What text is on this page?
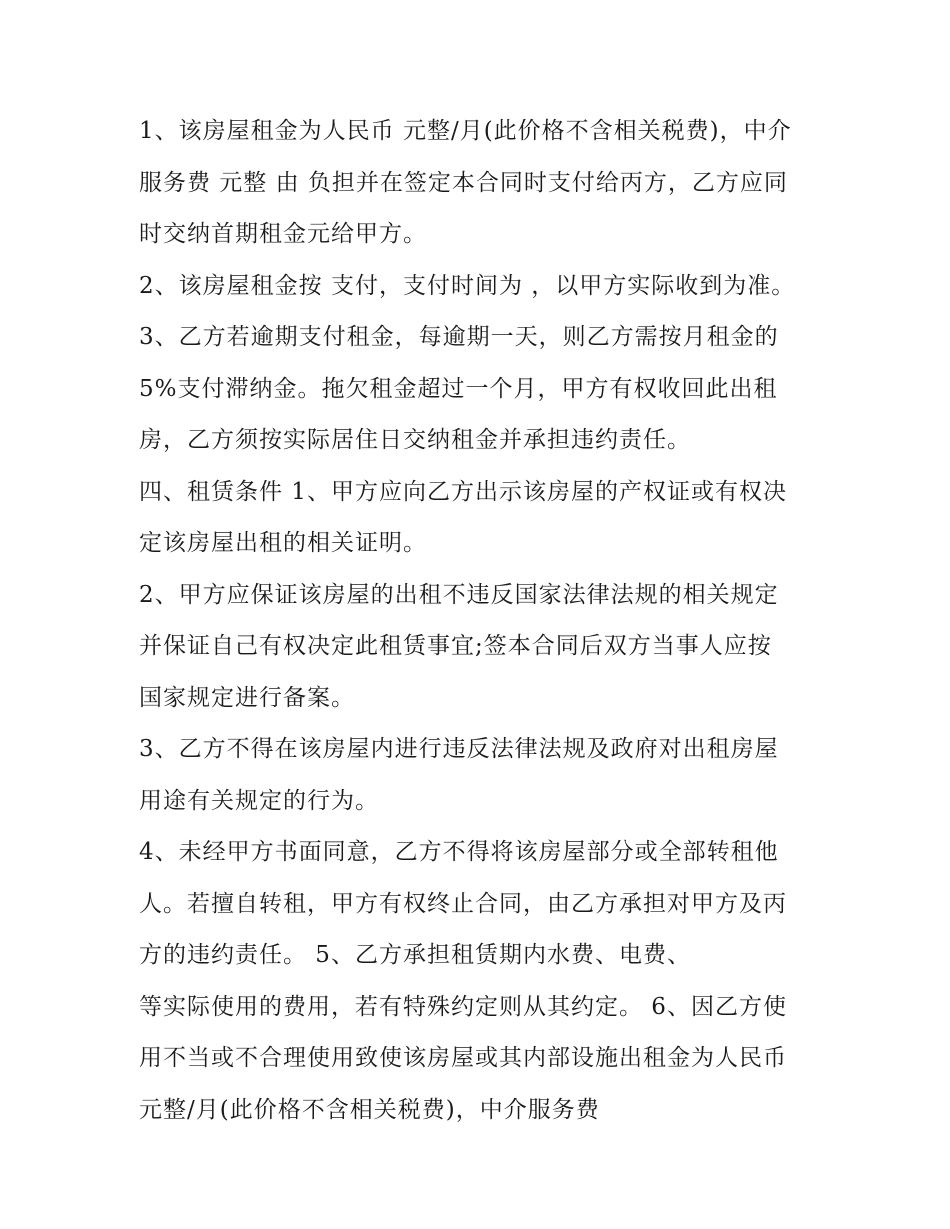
1、该房屋租金为人民币 元整/月(此价格不含相关税费)，中介
服务费 元整 由 负担并在签定本合同时支付给丙方，乙方应同
时交纳首期租金元给甲方。
2、该房屋租金按 支付，支付时间为 ，以甲方实际收到为准。
3、乙方若逾期支付租金，每逾期一天，则乙方需按月租金的
5%支付滞纳金。拖欠租金超过一个月，甲方有权收回此出租
房，乙方须按实际居住日交纳租金并承担违约责任。
四、租赁条件 1、甲方应向乙方出示该房屋的产权证或有权决
定该房屋出租的相关证明。
2、甲方应保证该房屋的出租不违反国家法律法规的相关规定
并保证自己有权决定此租赁事宜;签本合同后双方当事人应按
国家规定进行备案。
3、乙方不得在该房屋内进行违反法律法规及政府对出租房屋
用途有关规定的行为。
4、未经甲方书面同意，乙方不得将该房屋部分或全部转租他
人。若擅自转租，甲方有权终止合同，由乙方承担对甲方及丙
方的违约责任。 5、乙方承担租赁期内水费、电费、
等实际使用的费用，若有特殊约定则从其约定。 6、因乙方使
用不当或不合理使用致使该房屋或其内部设施出租金为人民币
元整/月(此价格不含相关税费)，中介服务费
